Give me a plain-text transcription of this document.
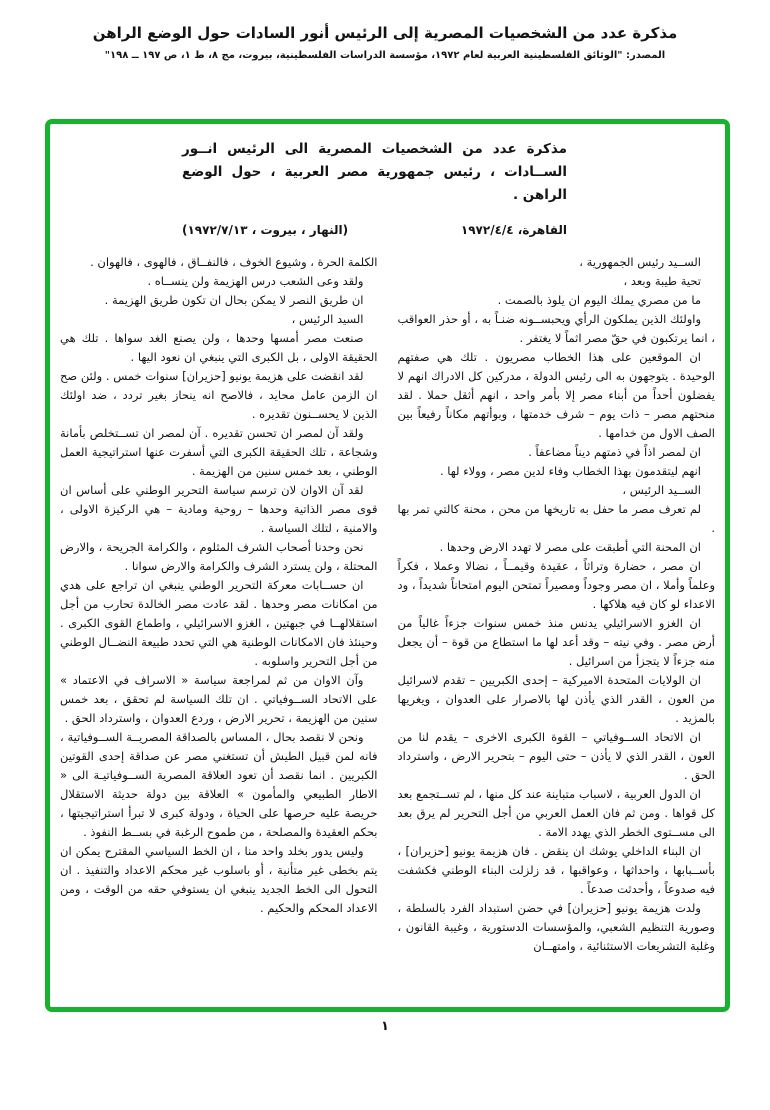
مذكرة عدد من الشخصيات المصرية إلى الرئيس أنور السادات حول الوضع الراهن
المصدر: "الوثائق الفلسطينية العربية لعام ١٩٧٢، مؤسسة الدراسات الفلسطينية، بيروت، مج ٨، ط ١، ص ١٩٧ ــ ١٩٨"
مذكرة عدد من الشخصيات المصرية الى الرئيس انــور الســادات ، رئيس جمهورية مصر العربية ، حول الوضع الراهن .
القاهرة، ١٩٧٢/٤/٤
(النهار ، بيروت ، ١٩٧٢/٧/١٣)

الســيد رئيس الجمهورية ،

تحية طيبة وبعد ،

ما من مصري يملك اليوم ان يلوذ بالصمت .

واولئك الذين يملكون الرأي ويحبســونه ضنـاً به ، أو حذر العواقب ، انما يرتكبون في حقّ مصر اثماً لا يغتفر .

ان الموقعين على هذا الخطاب مصريون . تلك هي صفتهم الوحيدة . يتوجهون به الى رئيس الدولة ، مدركين كل الادراك انهم لا يفضلون أحداً من أبناء مصر إلا بأمر واحد ، انهم أثقل حملا . لقد منحتهم مصر – ذات يوم – شرف خدمتها ، وبوأتهم مكاناً رفيعاً بين الصف الاول من خدامها .

ان لمصر اذاً في ذمتهم ديناً مضاعفاً .

انهم ليتقدمون بهذا الخطاب وفاء لدين مصر ، وولاء لها .

الســيد الرئيس ،

لم تعرف مصر ما حفل به تاريخها من محن ، محنة كالتي تمر بها .

ان المحنة التي أطبقت على مصر لا تهدد الارض وحدها .

ان مصر ، حضارة وتراثاً ، عقيدة وقيمــاً ، نضالا وعملا ، فكراً وعلماً وأملا ، ان مصر وجوداً ومصيراً تمتحن اليوم امتحاناً شديداً ، ود الاعداء لو كان فيه هلاكها .

ان الغزو الاسرائيلي يدنس منذ خمس سنوات جزءاً غالياً من أرض مصر . وفي نيته – وقد أعد لها ما استطاع من قوة – أن يجعل منه جزءاً لا يتجزأ من اسرائيل .

ان الولايات المتحدة الاميركية – إحدى الكبريين – تقدم لاسرائيل من العون ، القدر الذي يأذن لها بالاصرار على العدوان ، ويغريها بالمزيد .

ان الاتحاد الســوفياتي – القوة الكبرى الاخرى – يقدم لنا من العون ، القدر الذي لا يأذن – حتى اليوم – بتحرير الارض ، واسترداد الحق .

ان الدول العربية ، لاسباب متباينة عند كل منها ، لم تســتجمع بعد كل قواها . ومن ثم فان العمل العربي من أجل التحرير لم يرق بعد الى مســتوى الخطر الذي يهدد الامة .

ان البناء الداخلي يوشك ان ينقض . فان هزيمة يونيو [حزيران] ، بأســبابها ، واحداثها ، وعواقبها ، قد زلزلت البناء الوطني فكشفت فيه صدوعاً ، وأحدثت صدعاً .

ولدت هزيمة يونيو [حزيران] في حضن استبداد الفرد بالسلطة ، وصورية التنظيم الشعبي، والمؤسسات الدستورية ، وغيبة القانون ، وغلبة التشريعات الاستثنائية ، وامتهــان

الكلمة الحرة ، وشيوع الخوف ، فالنفــاق ، فالهوى ، فالهوان .

ولقد وعى الشعب درس الهزيمة ولن ينســاه .

ان طريق النصر لا يمكن بحال ان تكون طريق الهزيمة .

السيد الرئيس ،

صنعت مصر أمسها وحدها ، ولن يصنع الغد سواها . تلك هي الحقيقة الاولى ، بل الكبرى التي ينبغي ان نعود اليها .

لقد انقضت على هزيمة يونيو [حزيران] سنوات خمس . ولئن صح ان الزمن عامل محايد ، فالاصح انه ينحاز بغير تردد ، ضد اولئك الذين لا يحســنون تقديره .

ولقد آن لمصر ان تحسن تقديره . آن لمصر ان تســتخلص بأمانة وشجاعة ، تلك الحقيقة الكبرى التي أسفرت عنها استراتيجية العمل الوطني ، بعد خمس سنين من الهزيمة .

لقد آن الاوان لان ترسم سياسة التحرير الوطني على أساس ان قوى مصر الذاتية وحدها – روحية ومادية – هي الركيزة الاولى ، والامنية ، لتلك السياسة .

نحن وحدنا أصحاب الشرف المثلوم ، والكرامة الجريحة ، والارض المحتلة ، ولن يسترد الشرف والكرامة والارض سوانا .

ان حســابات معركة التحرير الوطني ينبغي ان تراجع على هدي من امكانات مصر وحدها . لقد عادت مصر الخالدة تحارب من أجل استقلالهــا في جبهتين ، الغزو الاسرائيلي ، واطماع القوى الكبرى . وحينئذ فان الامكانات الوطنية هي التي تحدد طبيعة النضــال الوطني من أجل التحرير واسلوبه .

وآن الاوان من ثم لمراجعة سياسة « الاسراف في الاعتماد » على الاتحاد الســوفياتي . ان تلك السياسة لم تحقق ، بعد خمس سنين من الهزيمة ، تحرير الارض ، وردع العدوان ، واسترداد الحق .

ونحن لا نقصد بحال ، المساس بالصداقة المصريــة الســوفياتية ، فانه لمن قبيل الطيش أن تستغني مصر عن صداقة إحدى القوتين الكبريين . انما نقصد أن تعود العلاقة المصرية الســوفياتيـة الى « الاطار الطبيعي والمأمون » العلاقة بين دولة حديثة الاستقلال حريصة عليه حرصها على الحياة ، ودولة كبرى لا تبرأ استراتيجيتها ، بحكم العقيدة والمصلحة ، من طموح الرغبة في بســط النفوذ .

وليس يدور بخلد واحد منا ، ان الخط السياسي المقترح يمكن ان يتم بخطى غير متأنية ، أو باسلوب غير محكم الاعداد والتنفيذ . ان التحول الى الخط الجديد ينبغي ان يستوفي حقه من الوقت ، ومن الاعداد المحكم والحكيم .

١
